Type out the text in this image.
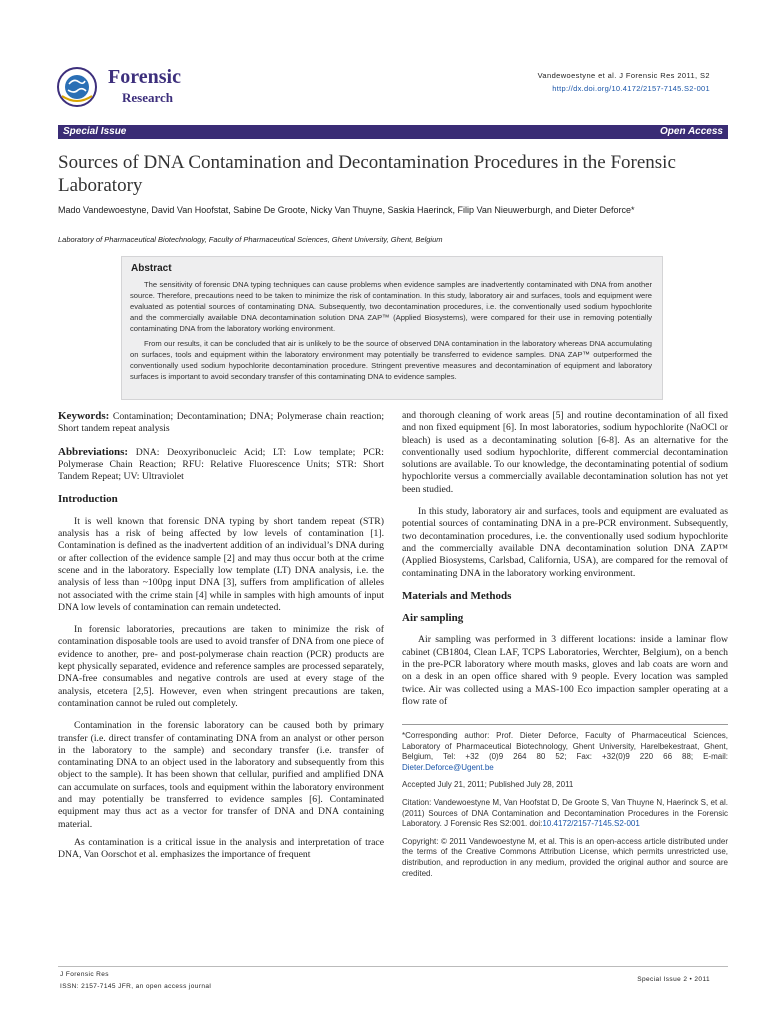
Forensic
Research
Vandewoestyne et al. J Forensic Res 2011, S2
http://dx.doi.org/10.4172/2157-7145.S2-001
Special Issue	Open Access
Sources of DNA Contamination and Decontamination Procedures in the Forensic Laboratory
Mado Vandewoestyne, David Van Hoofstat, Sabine De Groote, Nicky Van Thuyne, Saskia Haerinck, Filip Van Nieuwerburgh, and Dieter Deforce*
Laboratory of Pharmaceutical Biotechnology, Faculty of Pharmaceutical Sciences, Ghent University, Ghent, Belgium
Abstract

The sensitivity of forensic DNA typing techniques can cause problems when evidence samples are inadvertently contaminated with DNA from another source. Therefore, precautions need to be taken to minimize the risk of contamination. In this study, laboratory air and surfaces, tools and equipment were evaluated as potential sources of contaminating DNA. Subsequently, two decontamination procedures, i.e. the conventionally used sodium hypochlorite and the commercially available DNA decontamination solution DNA ZAP™ (Applied Biosystems), were compared for their use in removing potentially contaminating DNA from the laboratory working environment.

From our results, it can be concluded that air is unlikely to be the source of observed DNA contamination in the laboratory whereas DNA accumulating on surfaces, tools and equipment within the laboratory environment may potentially be transferred to evidence samples. DNA ZAP™ outperformed the conventionally used sodium hypochlorite decontamination procedure. Stringent preventive measures and decontamination of equipment and laboratory surfaces is important to avoid secondary transfer of this contaminating DNA to evidence samples.

Keywords: Contamination; Decontamination; DNA; Polymerase chain reaction; Short tandem repeat analysis

Abbreviations: DNA: Deoxyribonucleic Acid; LT: Low template; PCR: Polymerase Chain Reaction; RFU: Relative Fluorescence Units; STR: Short Tandem Repeat; UV: Ultraviolet

Introduction

It is well known that forensic DNA typing by short tandem repeat (STR) analysis has a risk of being affected by low levels of contamination [1]. Contamination is defined as the inadvertent addition of an individual’s DNA during or after collection of the evidence sample [2] and may thus occur both at the crime scene and in the laboratory. Especially low template (LT) DNA analysis, i.e. the analysis of less than ~100pg input DNA [3], suffers from amplification of alleles not associated with the crime stain [4] while in samples with high amounts of input DNA low levels of contamination can remain undetected.

In forensic laboratories, precautions are taken to minimize the risk of contamination disposable tools are used to avoid transfer of DNA from one piece of evidence to another, pre- and post-polymerase chain reaction (PCR) products are kept physically separated, evidence and reference samples are processed separately, DNA-free consumables and negative controls are used at every stage of the analysis, etcetera [2,5]. However, even when stringent precautions are taken, contamination cannot be ruled out completely.

Contamination in the forensic laboratory can be caused both by primary transfer (i.e. direct transfer of contaminating DNA from an analyst or other person in the laboratory to the sample) and secondary transfer (i.e. transfer of contaminating DNA to an object used in the laboratory and subsequently from this object to the sample). It has been shown that cellular, purified and amplified DNA can accumulate on surfaces, tools and equipment within the laboratory environment and may potentially be transferred to evidence samples [6]. Contaminated equipment may thus act as a vector for transfer of DNA and DNA containing material.

As contamination is a critical issue in the analysis and interpretation of trace DNA, Van Oorschot et al. emphasizes the importance of frequent

and thorough cleaning of work areas [5] and routine decontamination of all fixed and non fixed equipment [6]. In most laboratories, sodium hypochlorite (NaOCl or bleach) is used as a decontaminating solution [6-8]. As an alternative for the conventionally used sodium hypochlorite, different commercial decontamination solutions are available. To our knowledge, the decontaminating potential of sodium hypochlorite versus a commercially available decontamination solution has not yet been studied.

In this study, laboratory air and surfaces, tools and equipment are evaluated as potential sources of contaminating DNA in a pre-PCR environment. Subsequently, two decontamination procedures, i.e. the conventionally used sodium hypochlorite and the commercially available DNA decontamination solution DNA ZAP™ (Applied Biosystems, Carlsbad, California, USA), are compared for the removal of contaminating DNA in the laboratory working environment.

Materials and Methods
Air sampling

Air sampling was performed in 3 different locations: inside a laminar flow cabinet (CB1804, Clean LAF, TCPS Laboratories, Werchter, Belgium), on a bench in the pre-PCR laboratory where mouth masks, gloves and lab coats are worn and on a desk in an open office shared with 9 people. Every location was sampled twice. Air was collected using a MAS-100 Eco impaction sampler operating at a flow rate of

*Corresponding author: Prof. Dieter Deforce, Faculty of Pharmaceutical Sciences, Laboratory of Pharmaceutical Biotechnology, Ghent University, Harelbekestraat, Ghent, Belgium, Tel: +32 (0)9 264 80 52; Fax: +32(0)9 220 66 88; E-mail: Dieter.Deforce@Ugent.be

Accepted July 21, 2011; Published July 28, 2011

Citation: Vandewoestyne M, Van Hoofstat D, De Groote S, Van Thuyne N, Haerinck S, et al. (2011) Sources of DNA Contamination and Decontamination Procedures in the Forensic Laboratory. J Forensic Res S2:001. doi:10.4172/2157-7145.S2-001

Copyright: © 2011 Vandewoestyne M, et al. This is an open-access article distributed under the terms of the Creative Commons Attribution License, which permits unrestricted use, distribution, and reproduction in any medium, provided the original author and source are credited.

J Forensic Res
ISSN: 2157-7145 JFR, an open access journal
Special Issue 2 • 2011
